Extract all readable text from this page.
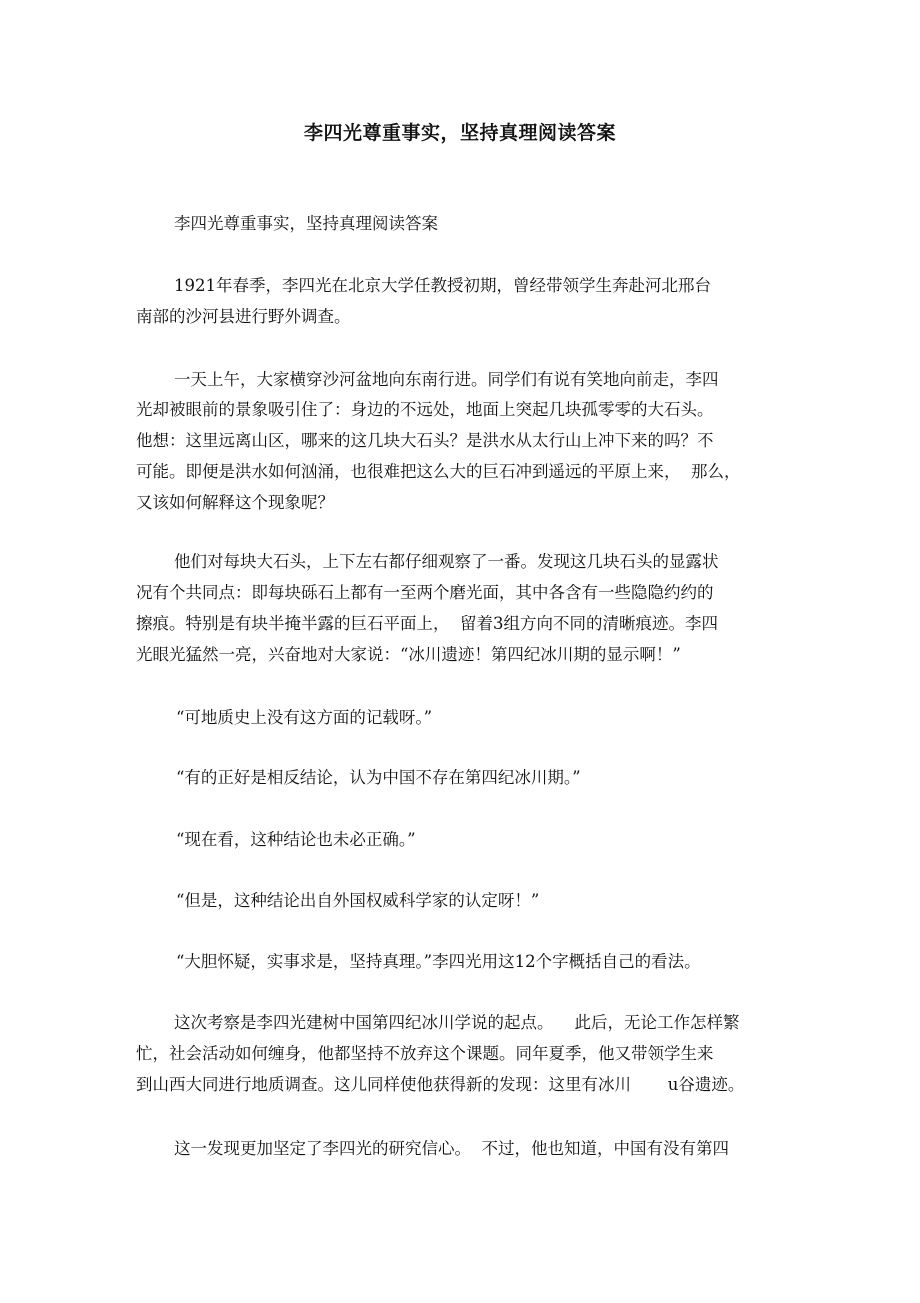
李四光尊重事实，坚持真理阅读答案
李四光尊重事实，坚持真理阅读答案
1921年春季，李四光在北京大学任教授初期，曾经带领学生奔赴河北邢台
南部的沙河县进行野外调查。
一天上午，大家横穿沙河盆地向东南行进。同学们有说有笑地向前走，李四
光却被眼前的景象吸引住了：身边的不远处，地面上突起几块孤零零的大石头。
他想：这里远离山区，哪来的这几块大石头？是洪水从太行山上冲下来的吗？不
可能。即便是洪水如何汹涌，也很难把这么大的巨石冲到遥远的平原上来，  那么，
又该如何解释这个现象呢？
他们对每块大石头，上下左右都仔细观察了一番。发现这几块石头的显露状
况有个共同点：即每块砾石上都有一至两个磨光面，其中各含有一些隐隐约约的
擦痕。特别是有块半掩半露的巨石平面上，  留着3组方向不同的清晰痕迹。李四
光眼光猛然一亮，兴奋地对大家说：“冰川遗迹！第四纪冰川期的显示啊！”
“可地质史上没有这方面的记载呀。”
“有的正好是相反结论，认为中国不存在第四纪冰川期。”
“现在看，这种结论也未必正确。”
“但是，这种结论出自外国权威科学家的认定呀！”
“大胆怀疑，实事求是，坚持真理。”李四光用这12个字概括自己的看法。
这次考察是李四光建树中国第四纪冰川学说的起点。    此后，无论工作怎样繁
忙，社会活动如何缠身，他都坚持不放弃这个课题。同年夏季，他又带领学生来
到山西大同进行地质调查。这儿同样使他获得新的发现：这里有冰川       u谷遗迹。
这一发现更加坚定了李四光的研究信心。  不过，他也知道，中国有没有第四
